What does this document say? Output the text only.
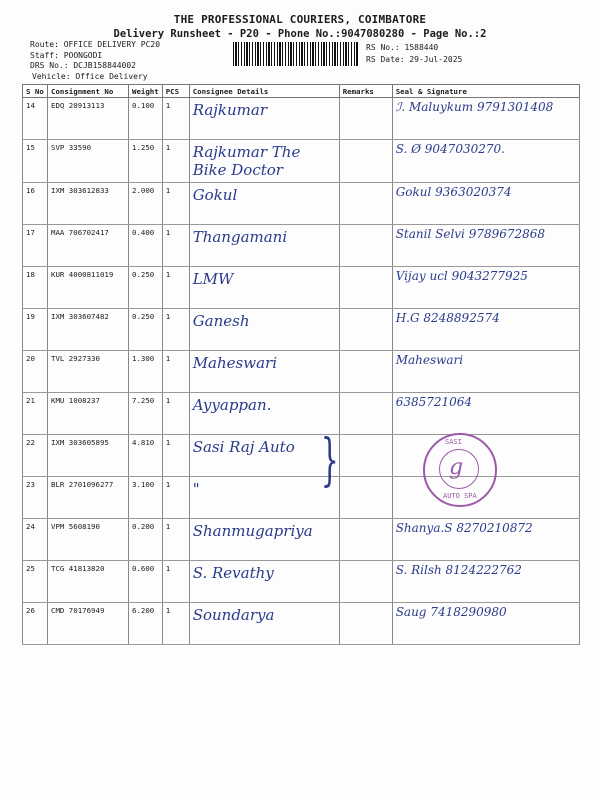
THE PROFESSIONAL COURIERS, COIMBATORE
Delivery Runsheet - P20 - Phone No.:9047080280 - Page No.:2
Route: OFFICE DELIVERY PC20
Staff: POONGODI
DRS No.: DCJB158844002
Vehicle: Office Delivery
RS No.: 1588440
RS Date: 29-Jul-2025
S No	Consignment No	Weight	PCS	Consignee Details	Remarks	Seal & Signature
14	EDQ 20913113	0.100	1	Rajkumar		ℐ. Maluykum 9791301408
15	SVP 33590	1.250	1	Rajkumar The Bike Doctor		S. Ø 9047030270.
16	IXM 303612833	2.000	1	Gokul		Gokul 9363020374
17	MAA 706702417	0.400	1	Thangamani		Stanil Selvi 9789672868
18	KUR 4000811019	0.250	1	LMW		Vijay ucl 9043277925
19	IXM 303607482	0.250	1	Ganesh		H.G 8248892574
20	TVL 2927330	1.300	1	Maheswari		Maheswari
21	KMU 1008237	7.250	1	Ayyappan.		6385721064
22	IXM 303605895	4.810	1	Sasi Raj Auto		
23	BLR 2701096277	3.100	1	"		
24	VPM 5608190	0.200	1	Shanmugapriya		Shanya.S 8270210872
25	TCG 41813820	0.600	1	S. Revathy		S. Rilsh 8124222762
26	CMD 70176949	6.200	1	Soundarya		Saug 7418290980
}	SASI
g
AUTO SPA
